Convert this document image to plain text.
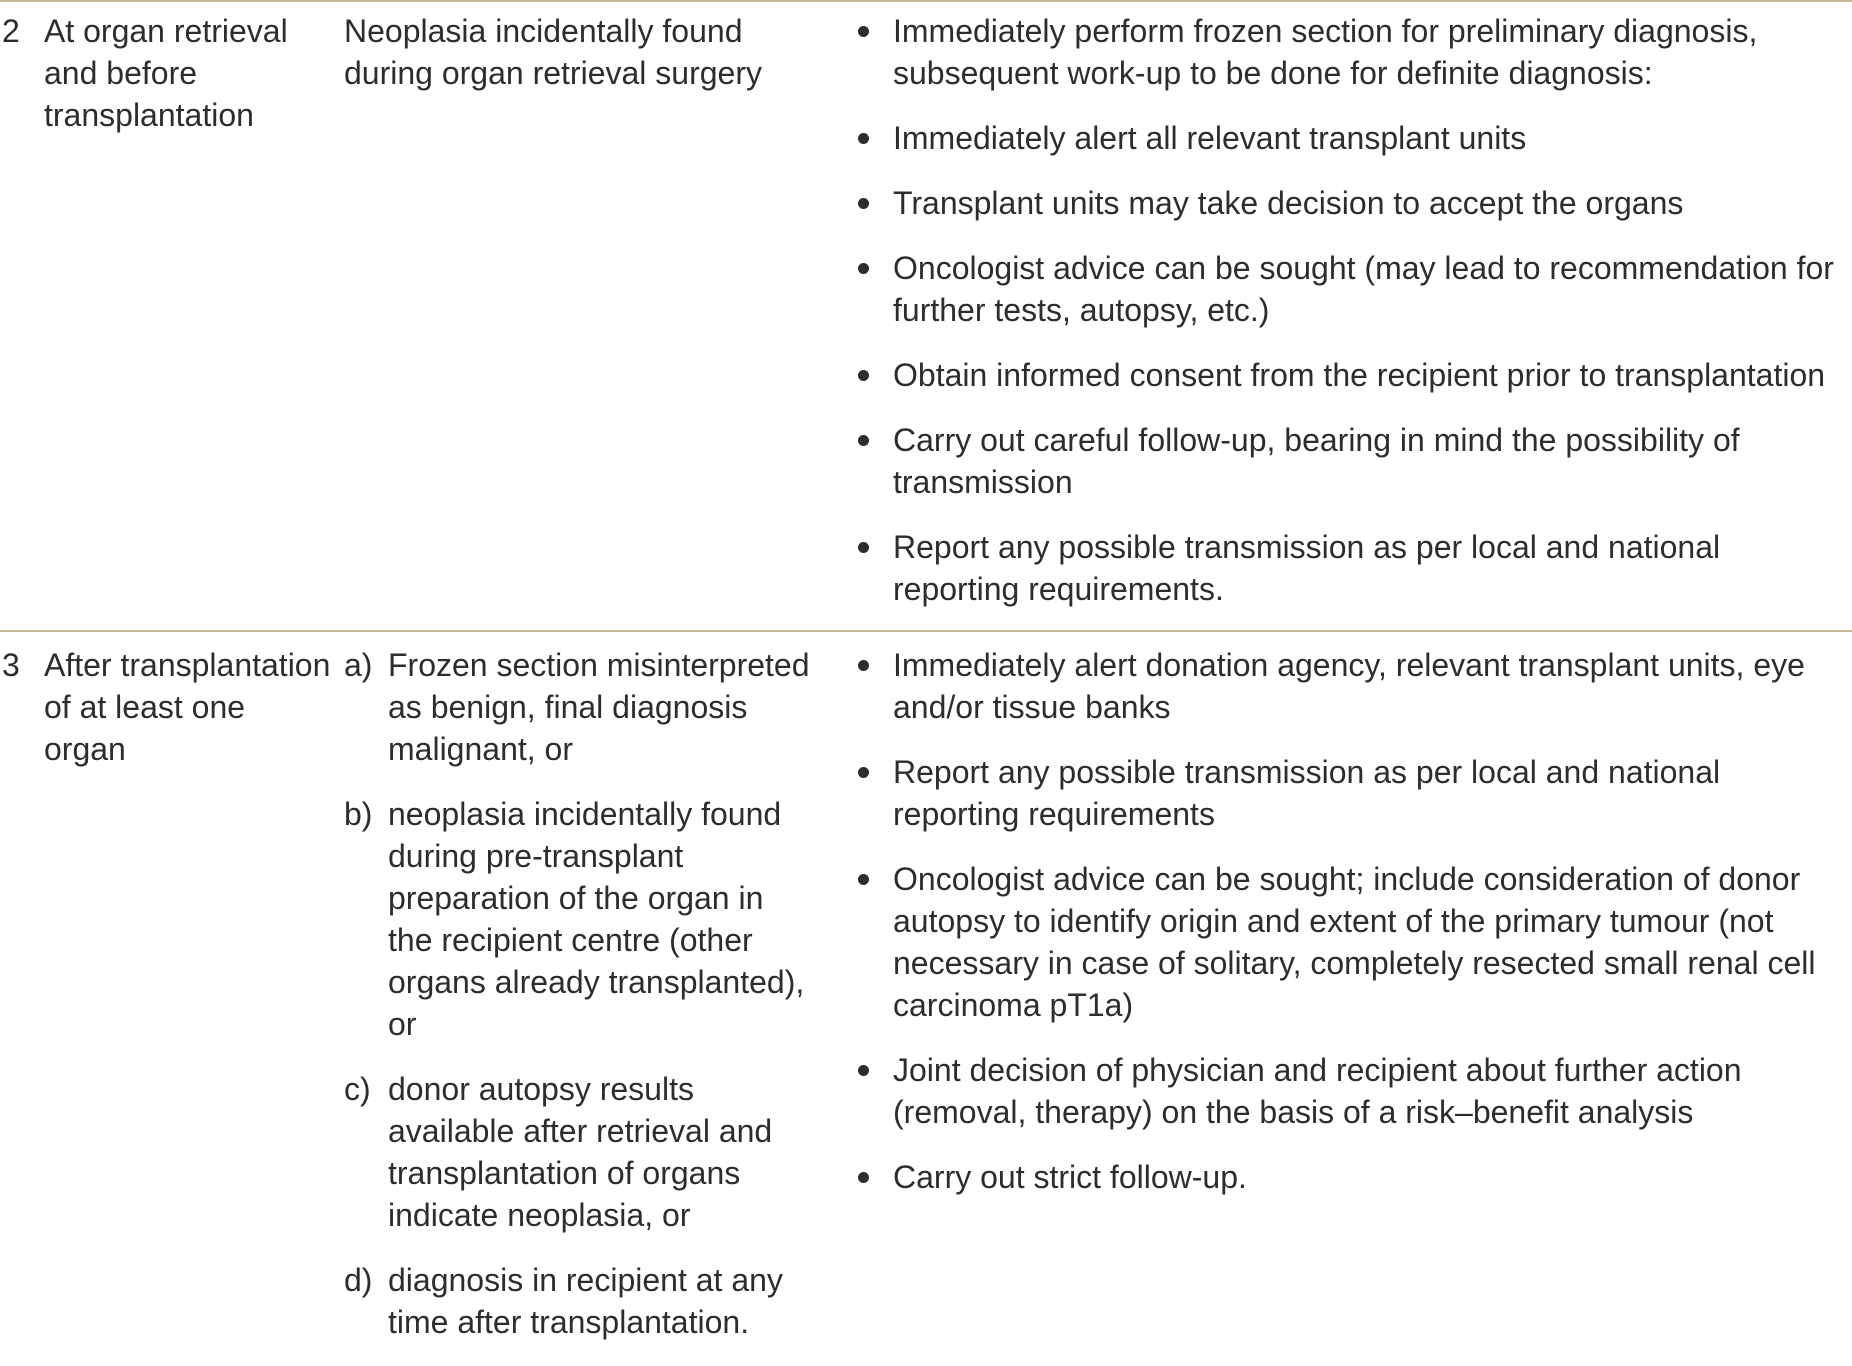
2 At organ retrieval and before transplantation
Neoplasia incidentally found during organ retrieval surgery
Immediately perform frozen section for preliminary diagnosis, subsequent work-up to be done for definite diagnosis:
Immediately alert all relevant transplant units
Transplant units may take decision to accept the organs
Oncologist advice can be sought (may lead to recommendation for further tests, autopsy, etc.)
Obtain informed consent from the recipient prior to transplantation
Carry out careful follow-up, bearing in mind the possibility of transmission
Report any possible transmission as per local and national reporting requirements.
3 After transplantation of at least one organ
a) Frozen section misinterpreted as benign, final diagnosis malignant, or
b) neoplasia incidentally found during pre-transplant preparation of the organ in the recipient centre (other organs already transplanted), or
c) donor autopsy results available after retrieval and transplantation of organs indicate neoplasia, or
d) diagnosis in recipient at any time after transplantation.
Immediately alert donation agency, relevant transplant units, eye and/or tissue banks
Report any possible transmission as per local and national reporting requirements
Oncologist advice can be sought; include consideration of donor autopsy to identify origin and extent of the primary tumour (not necessary in case of solitary, completely resected small renal cell carcinoma pT1a)
Joint decision of physician and recipient about further action (removal, therapy) on the basis of a risk–benefit analysis
Carry out strict follow-up.
